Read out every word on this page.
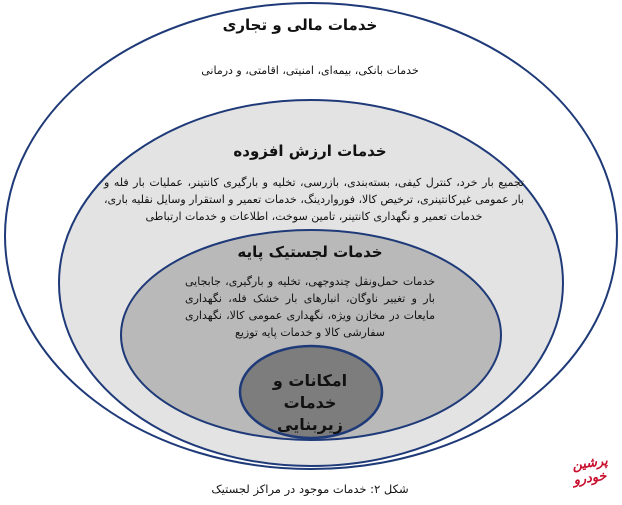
خدمات مالی و تجاری
خدمات بانکی، بیمه‌ای، امنیتی، اقامتی، و درمانی
خدمات ارزش افزوده
تجمیع بار خرد، کنترل کیفی، بسته‌بندی، بازرسی، تخلیه و بارگیری کانتینر، عملیات بار فله و بار عمومی غیرکانتینری، ترخیص کالا، فورواردینگ، خدمات تعمیر و استقرار وسایل نقلیه باری، خدمات تعمیر و نگهداری کانتینر، تامین سوخت، اطلاعات و خدمات ارتباطی
خدمات لجستیک پایه
خدمات حمل‌ونقل چندوجهی، تخلیه و بارگیری، جابجایی بار و تغییر ناوگان، انبارهای بار خشک فله، نگهداری مایعات در مخازن ویژه، نگهداری عمومی کالا، نگهداری سفارشی کالا و خدمات پایه توزیع
امکانات و خدمات زیربنایی
شکل ۲: خدمات موجود در مراکز لجستیک
پرشین
خودرو
